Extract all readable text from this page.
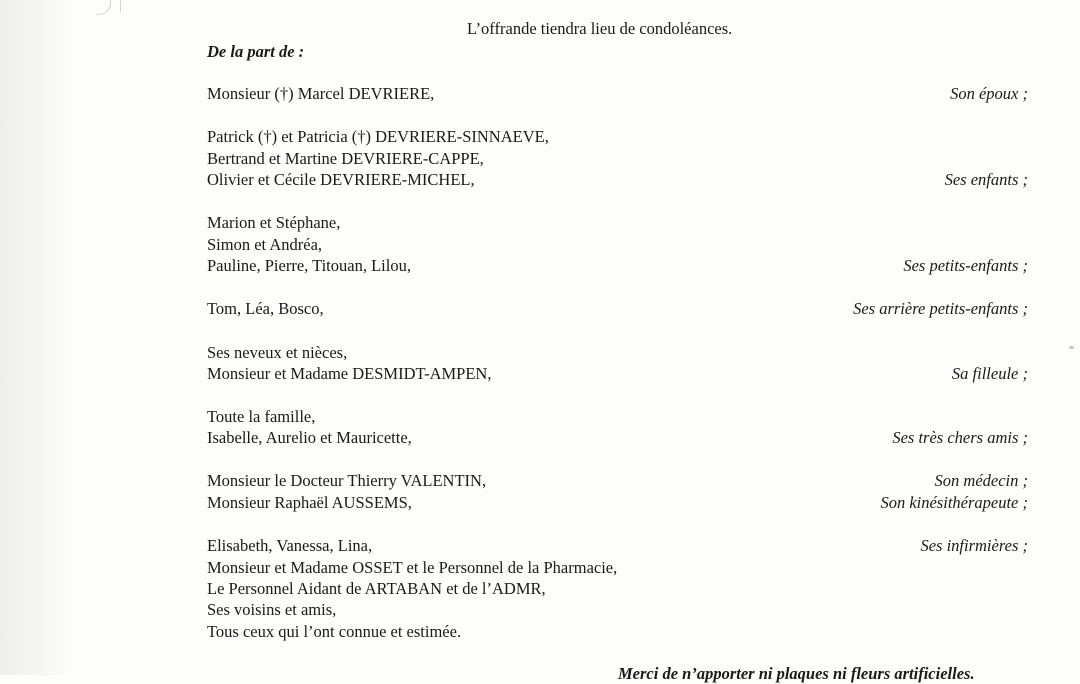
L’offrande tiendra lieu de condoléances.
De la part de :
Monsieur (†) Marcel DEVRIERE,	Son époux ;
Patrick (†) et Patricia (†) DEVRIERE-SINNAEVE,
Bertrand et Martine DEVRIERE-CAPPE,
Olivier et Cécile DEVRIERE-MICHEL,	Ses enfants ;
Marion et Stéphane,
Simon et Andréa,
Pauline, Pierre, Titouan, Lilou,	Ses petits-enfants ;
Tom, Léa, Bosco,	Ses arrière petits-enfants ;
Ses neveux et nièces,
Monsieur et Madame DESMIDT-AMPEN,	Sa filleule ;
Toute la famille,
Isabelle, Aurelio et Mauricette,	Ses très chers amis ;
Monsieur le Docteur Thierry VALENTIN,	Son médecin ;
Monsieur Raphaël AUSSEMS,	Son kinésithérapeute ;
Elisabeth, Vanessa, Lina,	Ses infirmières ;
Monsieur et Madame OSSET et le Personnel de la Pharmacie,
Le Personnel Aidant de ARTABAN et de l’ADMR,
Ses voisins et amis,
Tous ceux qui l’ont connue et estimée.
Merci de n’apporter ni plaques ni fleurs artificielles.
